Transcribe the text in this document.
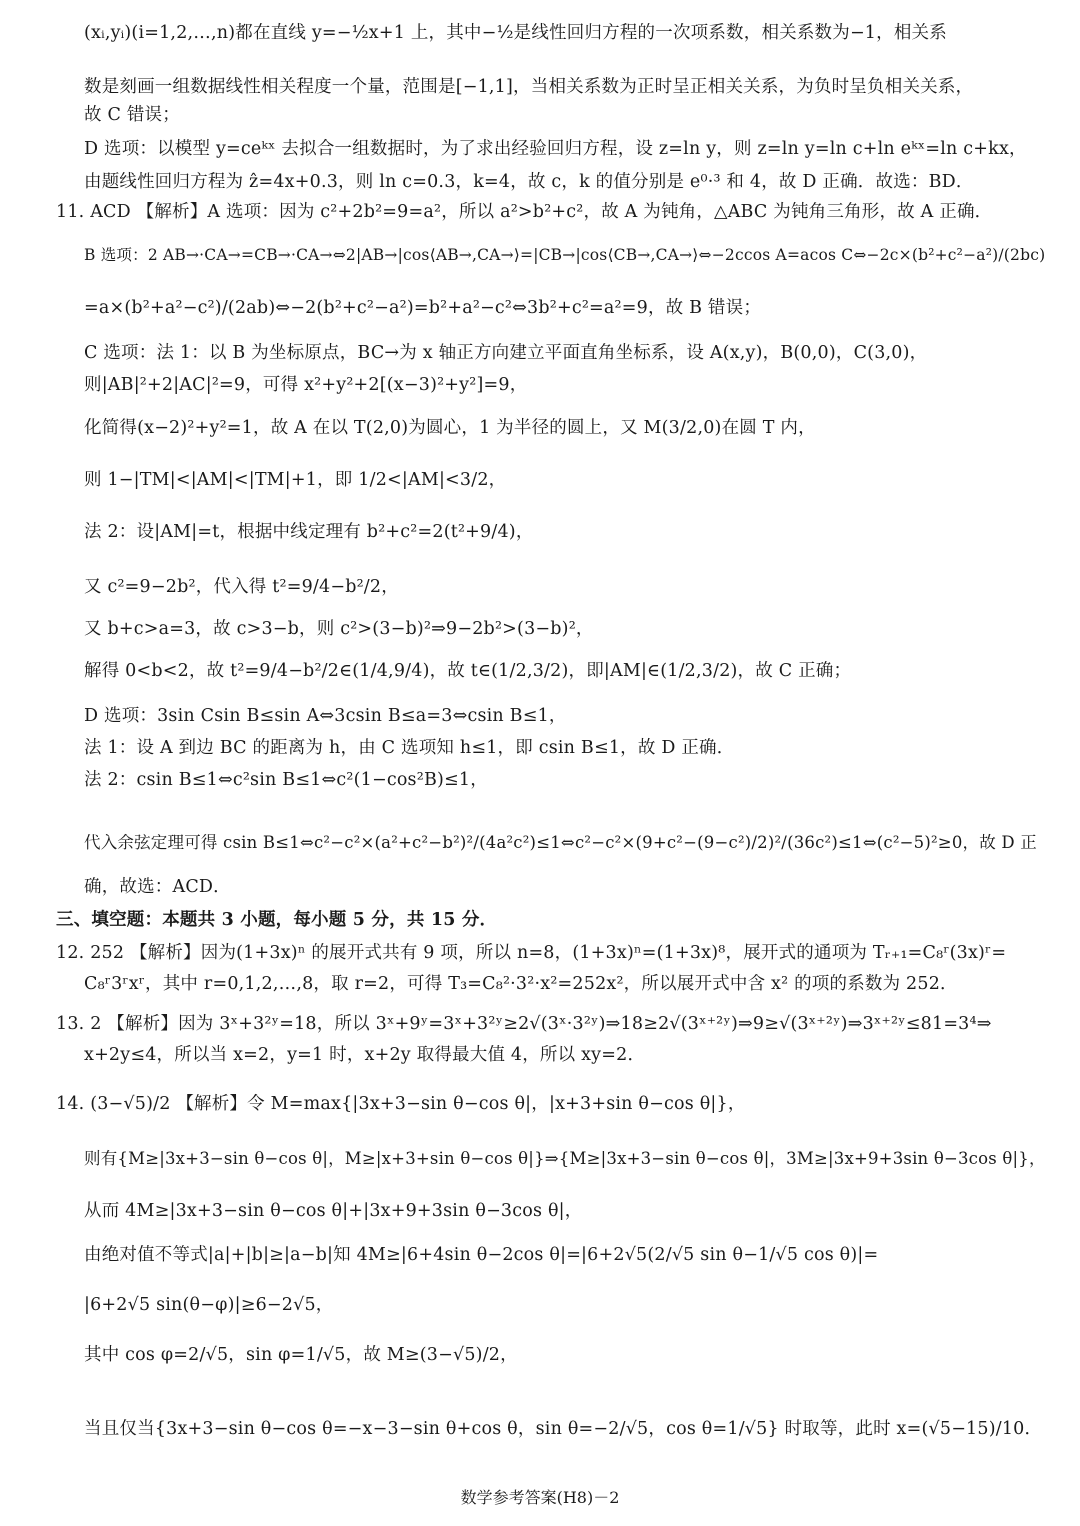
(xᵢ,yᵢ)(i=1,2,…,n)都在直线 y=−½x+1 上，其中−½是线性回归方程的一次项系数，相关系数为−1，相关系
数是刻画一组数据线性相关程度一个量，范围是[−1,1]，当相关系数为正时呈正相关关系，为负时呈负相关关系，
故 C 错误；
D 选项：以模型 y=ceᵏˣ 去拟合一组数据时，为了求出经验回归方程，设 z=ln y，则 z=ln y=ln c+ln eᵏˣ=ln c+kx，
由题线性回归方程为 ẑ=4x+0.3，则 ln c=0.3，k=4，故 c，k 的值分别是 e⁰·³ 和 4，故 D 正确．故选：BD．
11. ACD 【解析】A 选项：因为 c²+2b²=9=a²，所以 a²>b²+c²，故 A 为钝角，△ABC 为钝角三角形，故 A 正确．
B 选项：2 AB→·CA→=CB→·CA→⇔2|AB→|cos⟨AB→,CA→⟩=|CB→|cos⟨CB→,CA→⟩⇔−2ccos A=acos C⇔−2c×(b²+c²−a²)/(2bc)
=a×(b²+a²−c²)/(2ab)⇔−2(b²+c²−a²)=b²+a²−c²⇔3b²+c²=a²=9，故 B 错误；
C 选项：法 1：以 B 为坐标原点，BC→为 x 轴正方向建立平面直角坐标系，设 A(x,y)，B(0,0)，C(3,0)，
则|AB|²+2|AC|²=9，可得 x²+y²+2[(x−3)²+y²]=9，
化简得(x−2)²+y²=1，故 A 在以 T(2,0)为圆心，1 为半径的圆上，又 M(3/2,0)在圆 T 内，
则 1−|TM|<|AM|<|TM|+1，即 1/2<|AM|<3/2，
法 2：设|AM|=t，根据中线定理有 b²+c²=2(t²+9/4)，
又 c²=9−2b²，代入得 t²=9/4−b²/2，
又 b+c>a=3，故 c>3−b，则 c²>(3−b)²⇒9−2b²>(3−b)²，
解得 0<b<2，故 t²=9/4−b²/2∈(1/4,9/4)，故 t∈(1/2,3/2)，即|AM|∈(1/2,3/2)，故 C 正确；
D 选项：3sin Csin B≤sin A⇔3csin B≤a=3⇔csin B≤1，
法 1：设 A 到边 BC 的距离为 h，由 C 选项知 h≤1，即 csin B≤1，故 D 正确．
法 2：csin B≤1⇔c²sin B≤1⇔c²(1−cos²B)≤1，
代入余弦定理可得 csin B≤1⇔c²−c²×(a²+c²−b²)²/(4a²c²)≤1⇔c²−c²×(9+c²−(9−c²)/2)²/(36c²)≤1⇔(c²−5)²≥0，故 D 正
确，故选：ACD．
三、填空题：本题共 3 小题，每小题 5 分，共 15 分．
12. 252 【解析】因为(1+3x)ⁿ 的展开式共有 9 项，所以 n=8，(1+3x)ⁿ=(1+3x)⁸，展开式的通项为 Tᵣ₊₁=C₈ʳ(3x)ʳ=
C₈ʳ3ʳxʳ，其中 r=0,1,2,…,8，取 r=2，可得 T₃=C₈²·3²·x²=252x²，所以展开式中含 x² 的项的系数为 252．
13. 2 【解析】因为 3ˣ+3²ʸ=18，所以 3ˣ+9ʸ=3ˣ+3²ʸ≥2√(3ˣ·3²ʸ)⇒18≥2√(3ˣ⁺²ʸ)⇒9≥√(3ˣ⁺²ʸ)⇒3ˣ⁺²ʸ≤81=3⁴⇒
x+2y≤4，所以当 x=2，y=1 时，x+2y 取得最大值 4，所以 xy=2．
14. (3−√5)/2 【解析】令 M=max{|3x+3−sin θ−cos θ|，|x+3+sin θ−cos θ|}，
则有{M≥|3x+3−sin θ−cos θ|，M≥|x+3+sin θ−cos θ|}⇒{M≥|3x+3−sin θ−cos θ|，3M≥|3x+9+3sin θ−3cos θ|}，
从而 4M≥|3x+3−sin θ−cos θ|+|3x+9+3sin θ−3cos θ|，
由绝对值不等式|a|+|b|≥|a−b|知 4M≥|6+4sin θ−2cos θ|=|6+2√5(2/√5 sin θ−1/√5 cos θ)|=
|6+2√5 sin(θ−φ)|≥6−2√5，
其中 cos φ=2/√5，sin φ=1/√5，故 M≥(3−√5)/2，
当且仅当{3x+3−sin θ−cos θ=−x−3−sin θ+cos θ，sin θ=−2/√5，cos θ=1/√5} 时取等，此时 x=(√5−15)/10．
数学参考答案(H8)－2
